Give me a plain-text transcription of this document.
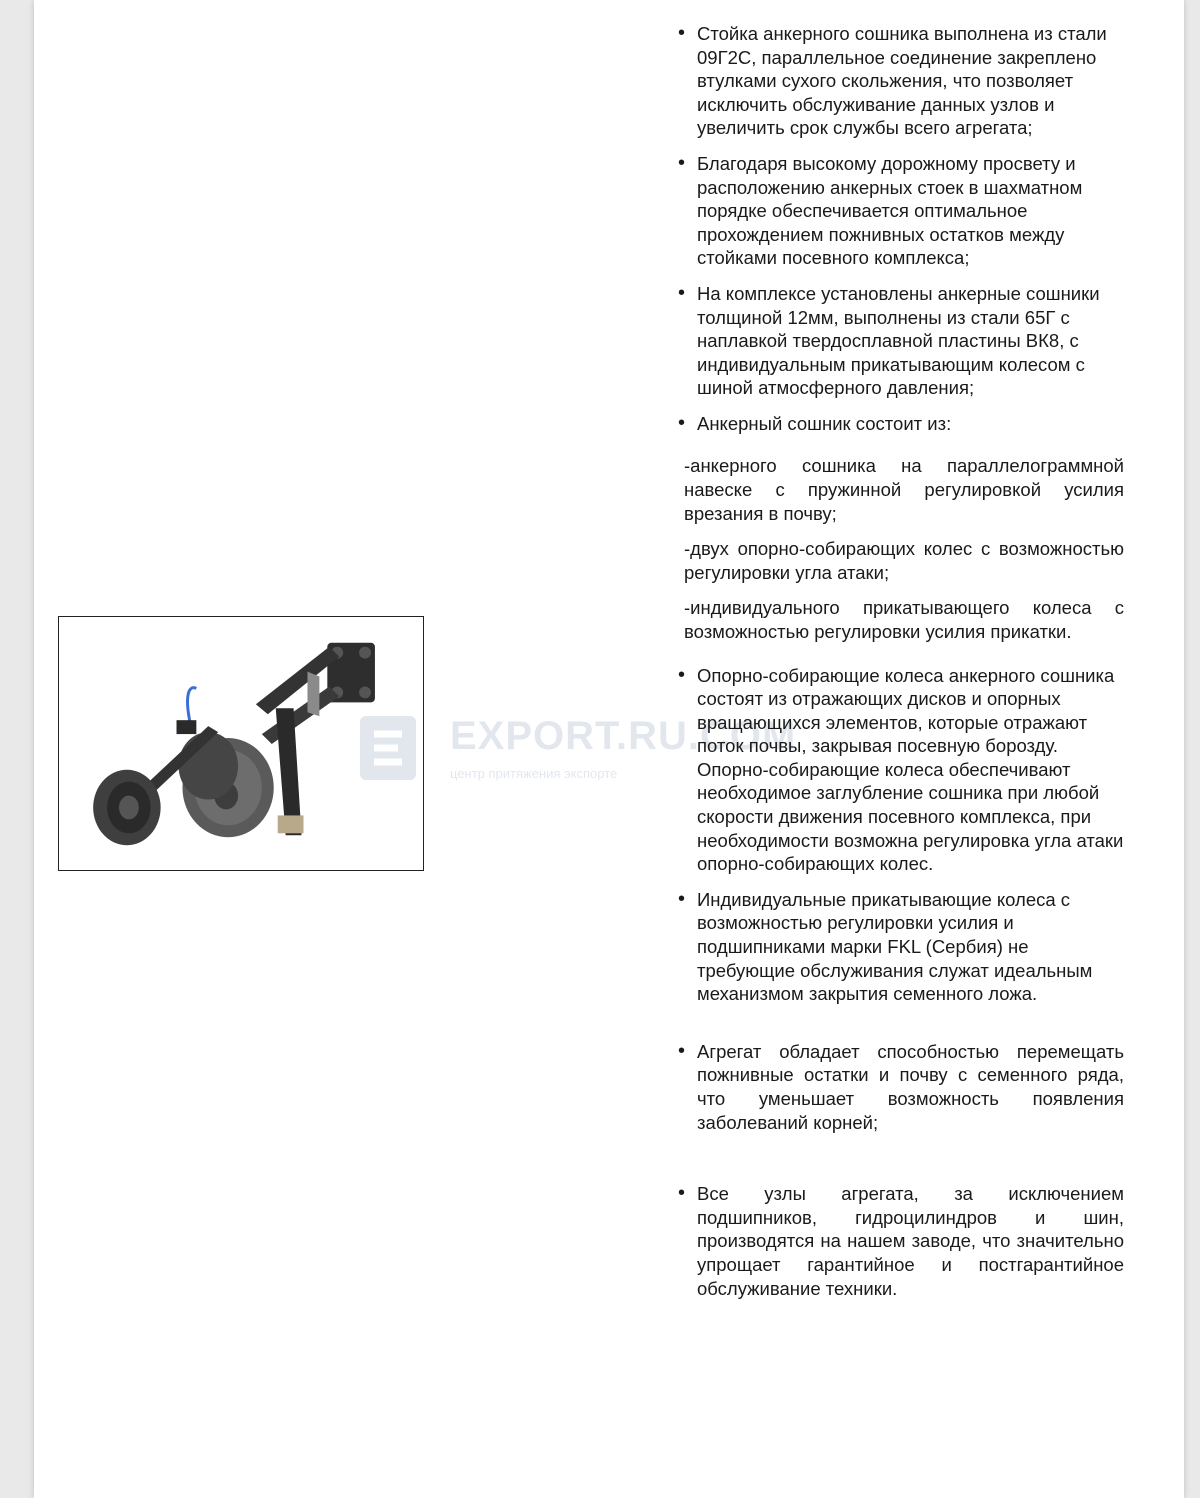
EXPORT.RU.COM
центр притяжения экспорте
• Стойка анкерного сошника выполнена из стали 09Г2С, параллельное соединение закреплено втулками сухого скольжения, что позволяет исключить обслуживание данных узлов и увеличить срок службы всего агрегата;
• Благодаря высокому дорожному просвету и расположению анкерных стоек в шахматном порядке обеспечивается оптимальное прохождением пожнивных остатков между стойками посевного комплекса;
• На комплексе установлены анкерные сошники толщиной 12мм, выполнены из стали 65Г с наплавкой твердосплавной пластины ВК8, с индивидуальным прикатывающим колесом с шиной атмосферного давления;
• Анкерный сошник состоит из:
-анкерного сошника на параллелограммной навеске с пружинной регулировкой усилия врезания в почву;
-двух опорно-собирающих колес с возможностью регулировки угла атаки;
-индивидуального прикатывающего колеса с возможностью регулировки усилия прикатки.
• Опорно-собирающие колеса анкерного сошника состоят из отражающих дисков и опорных вращающихся элементов, которые отражают поток почвы, закрывая посевную борозду. Опорно-собирающие колеса обеспечивают необходимое заглубление сошника при любой скорости движения посевного комплекса, при необходимости возможна регулировка угла атаки опорно-собирающих колес.
• Индивидуальные прикатывающие колеса с возможностью регулировки усилия и подшипниками марки FKL (Сербия) не требующие обслуживания служат идеальным механизмом закрытия семенного ложа.
• Агрегат обладает способностью перемещать пожнивные остатки и почву с семенного ряда, что уменьшает возможность появления заболеваний корней;
• Все узлы агрегата, за исключением подшипников, гидроцилиндров и шин, производятся на нашем заводе, что значительно упрощает гарантийное и постгарантийное обслуживание техники.
